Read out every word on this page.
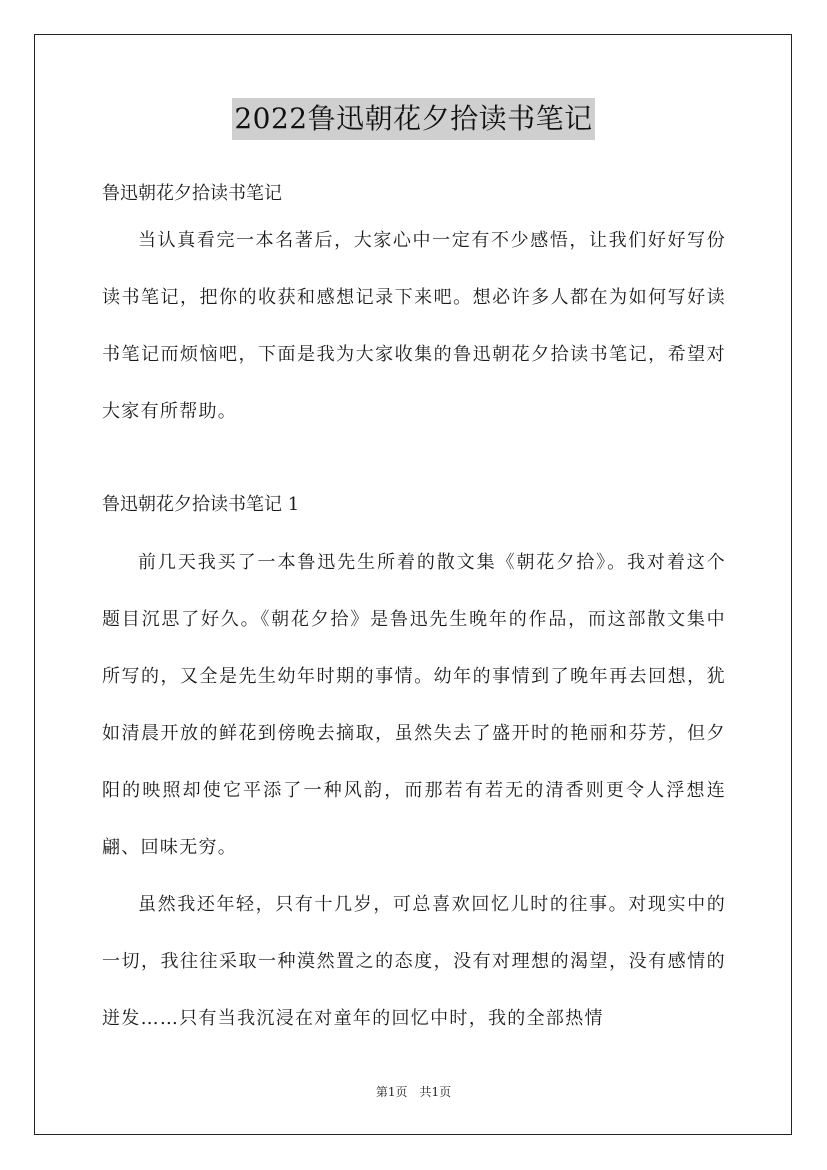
2022鲁迅朝花夕拾读书笔记

鲁迅朝花夕拾读书笔记

当认真看完一本名著后，大家心中一定有不少感悟，让我们好好写份读书笔记，把你的收获和感想记录下来吧。想必许多人都在为如何写好读书笔记而烦恼吧，下面是我为大家收集的鲁迅朝花夕拾读书笔记，希望对大家有所帮助。

鲁迅朝花夕拾读书笔记 1

前几天我买了一本鲁迅先生所着的散文集《朝花夕拾》。我对着这个题目沉思了好久。《朝花夕拾》是鲁迅先生晚年的作品，而这部散文集中所写的，又全是先生幼年时期的事情。幼年的事情到了晚年再去回想，犹如清晨开放的鲜花到傍晚去摘取，虽然失去了盛开时的艳丽和芬芳，但夕阳的映照却使它平添了一种风韵，而那若有若无的清香则更令人浮想连翩、回味无穷。

虽然我还年轻，只有十几岁，可总喜欢回忆儿时的往事。对现实中的一切，我往往采取一种漠然置之的态度，没有对理想的渴望，没有感情的迸发……只有当我沉浸在对童年的回忆中时，我的全部热情

第1页 共1页
